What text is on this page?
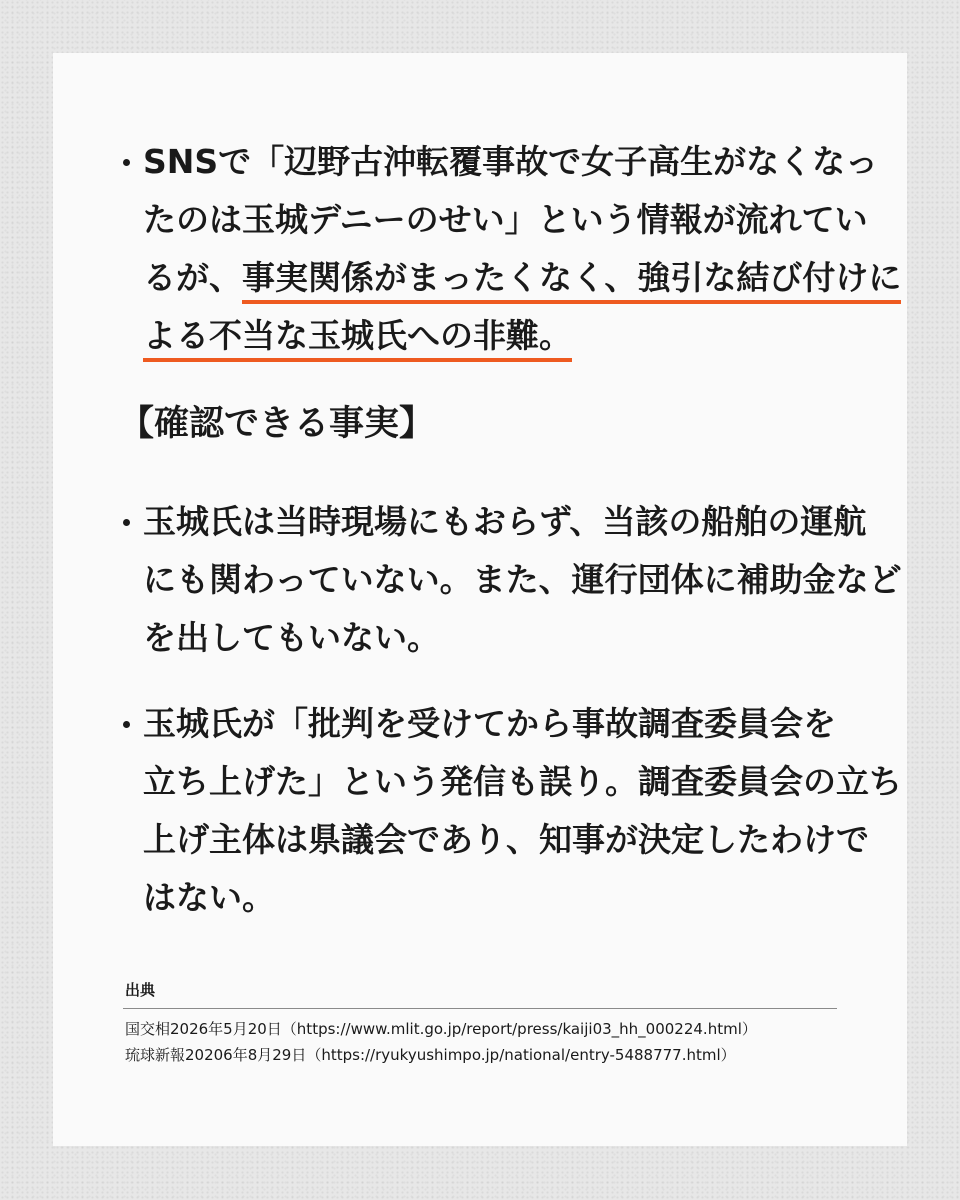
SNSで「辺野古沖転覆事故で女子高生がなくなっ
たのは玉城デニーのせい」という情報が流れてい
るが、事実関係がまったくなく、強引な結び付けに
よる不当な玉城氏への非難。
【確認できる事実】
玉城氏は当時現場にもおらず、当該の船舶の運航
にも関わっていない。また、運行団体に補助金など
を出してもいない。
玉城氏が「批判を受けてから事故調査委員会を
立ち上げた」という発信も誤り。調査委員会の立ち
上げ主体は県議会であり、知事が決定したわけで
はない。
出典
国交相2026年5月20日（https://www.mlit.go.jp/report/press/kaiji03_hh_000224.html）
琉球新報20206年8月29日（https://ryukyushimpo.jp/national/entry-5488777.html）
